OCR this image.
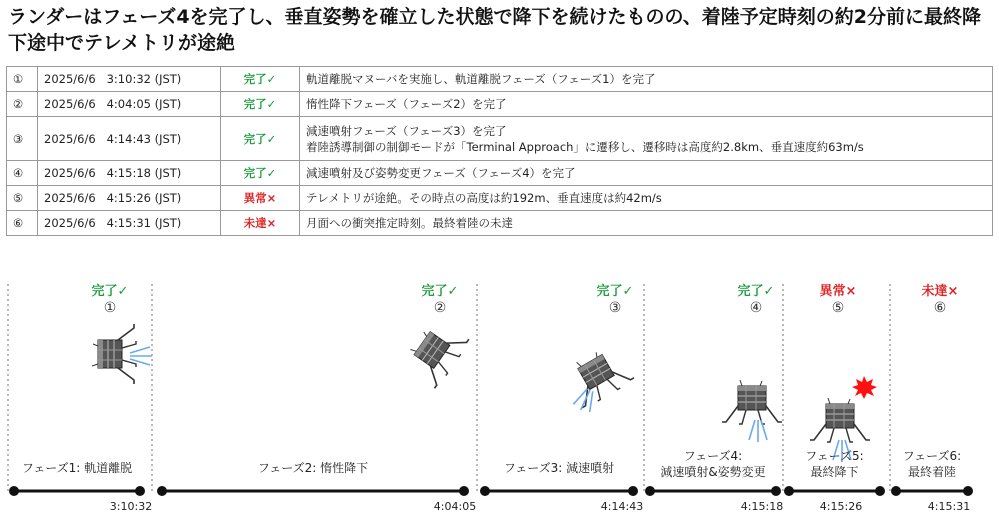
ランダーはフェーズ4を完了し、垂直姿勢を確立した状態で降下を続けたものの、着陸予定時刻の約2分前に最終降下途中でテレメトリが途絶
①	2025/6/6   3:10:32 (JST)	完了✓	軌道離脱マヌーバを実施し、軌道離脱フェーズ（フェーズ1）を完了

②	2025/6/6   4:04:05 (JST)	完了✓	惰性降下フェーズ（フェーズ2）を完了

③	2025/6/6   4:14:43 (JST)	完了✓	減速噴射フェーズ（フェーズ3）を完了
着陸誘導制御の制御モードが「Terminal Approach」に遷移し、遷移時は高度約2.8km、垂直速度約63m/s

④	2025/6/6   4:15:18 (JST)	完了✓	減速噴射及び姿勢変更フェーズ（フェーズ4）を完了

⑤	2025/6/6   4:15:26 (JST)	異常×	テレメトリが途絶。その時点の高度は約192m、垂直速度は約42m/s

⑥	2025/6/6   4:15:31 (JST)	未達×	月面への衝突推定時刻。最終着陸の未達
完了✓
①
3:10:32
完了✓
②
4:04:05
完了✓
③
4:14:43
完了✓
④
4:15:18
異常×
⑤
4:15:26
未達×
⑥
4:15:31
フェーズ1: 軌道離脱	フェーズ2: 惰性降下	フェーズ3: 減速噴射
フェーズ4:
減速噴射&姿勢変更
フェーズ5:
最終降下
フェーズ6:
最終着陸
